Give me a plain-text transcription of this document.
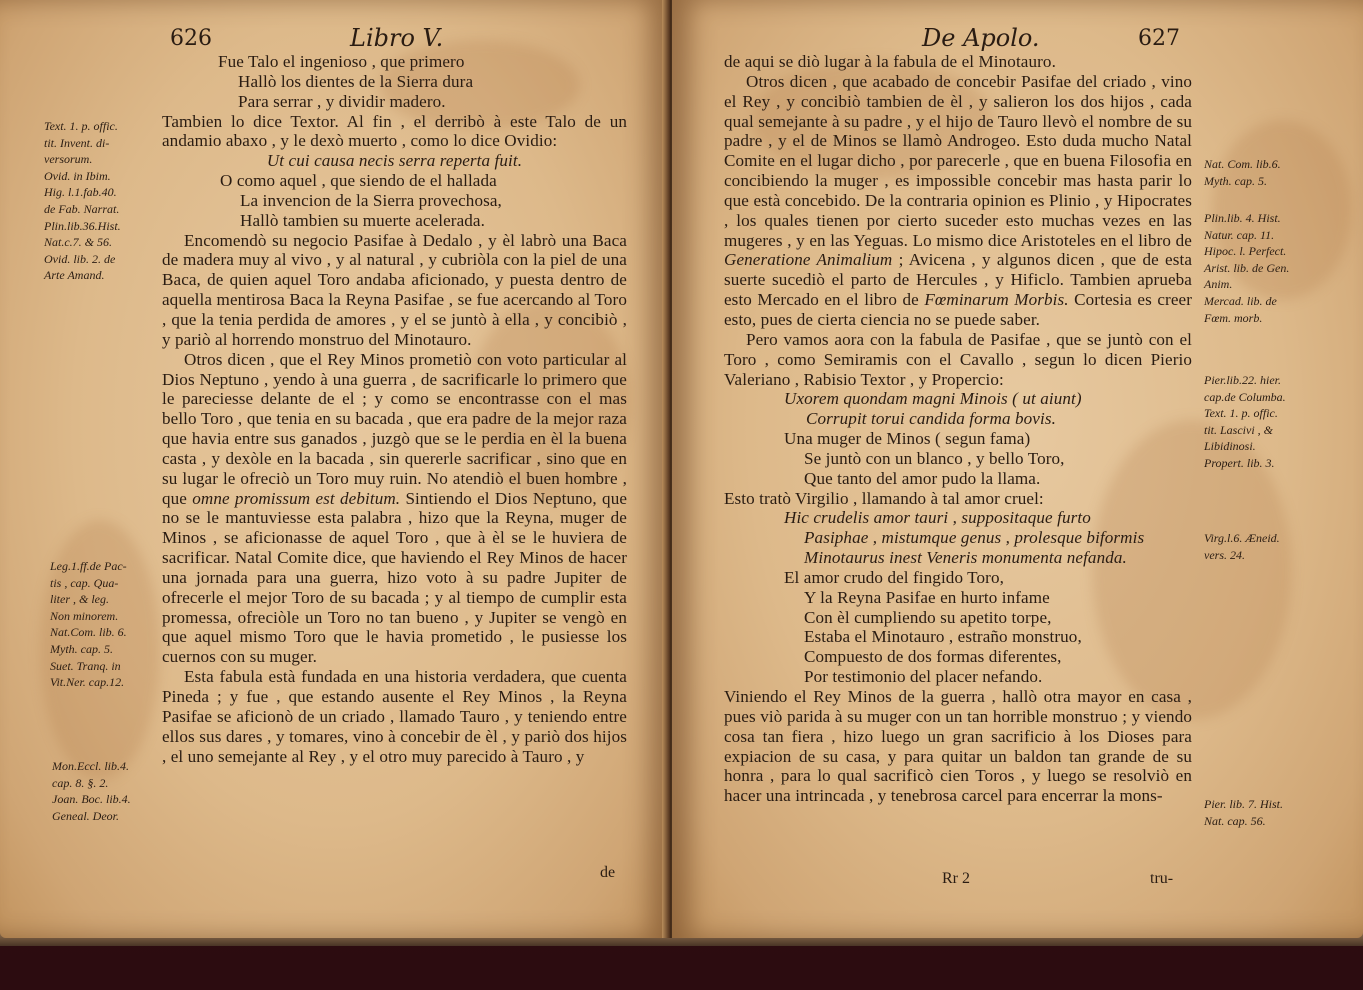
626	Libro V.
Text. 1. p. offic.
tit. Invent. di-
versorum.
Ovid. in Ibim.
Hig. l.1.fab.40.
de Fab. Narrat.
Plin.lib.36.Hist.
Nat.c.7. & 56.
Ovid. lib. 2. de
Arte Amand.
Leg.1.ff.de Pac-
tis , cap. Qua-
liter , & leg.
Non minorem.
Nat.Com. lib. 6.
Myth. cap. 5.
Suet. Tranq. in
Vit.Ner. cap.12.
Mon.Eccl. lib.4.
cap. 8. §. 2.
Joan. Boc. lib.4.
Geneal. Deor.
Fue Talo el ingenioso , que primero
Hallò los dientes de la Sierra dura
Para serrar , y dividir madero.

Tambien lo dice Textor. Al fin , el derribò à este Talo de un andamio abaxo , y le dexò muerto , como lo dice Ovidio:

Ut cui causa necis serra reperta fuit.
O como aquel , que siendo de el hallada
La invencion de la Sierra provechosa,
Hallò tambien su muerte acelerada.

Encomendò su negocio Pasifae à Dedalo , y èl labrò una Baca de madera muy al vivo , y al natural , y cubriòla con la piel de una Baca, de quien aquel Toro andaba aficionado, y puesta dentro de aquella mentirosa Baca la Reyna Pasifae , se fue acercando al Toro , que la tenia perdida de amores , y el se juntò à ella , y concibiò , y pariò al horrendo monstruo del Minotauro.

Otros dicen , que el Rey Minos prometiò con voto particular al Dios Neptuno , yendo à una guerra , de sacrificarle lo primero que le pareciesse delante de el ; y como se encontrasse con el mas bello Toro , que tenia en su bacada , que era padre de la mejor raza que havia entre sus ganados , juzgò que se le perdia en èl la buena casta , y dexòle en la bacada , sin quererle sacrificar , sino que en su lugar le ofreciò un Toro muy ruin. No atendiò el buen hombre , que omne promissum est debitum. Sintiendo el Dios Neptuno, que no se le mantuviesse esta palabra , hizo que la Reyna, muger de Minos , se aficionasse de aquel Toro , que à èl se le huviera de sacrificar. Natal Comite dice, que haviendo el Rey Minos de hacer una jornada para una guerra, hizo voto à su padre Jupiter de ofrecerle el mejor Toro de su bacada ; y al tiempo de cumplir esta promessa, ofreciòle un Toro no tan bueno , y Jupiter se vengò en que aquel mismo Toro que le havia prometido , le pusiesse los cuernos con su muger.

Esta fabula està fundada en una historia verdadera, que cuenta Pineda ; y fue , que estando ausente el Rey Minos , la Reyna Pasifae se aficionò de un criado , llamado Tauro , y teniendo entre ellos sus dares , y tomares, vino à concebir de èl , y pariò dos hijos , el uno semejante al Rey , y el otro muy parecido à Tauro , y

de
De Apolo.	627
Nat. Com. lib.6.
Myth. cap. 5.
Plin.lib. 4. Hist.
Natur. cap. 11.
Hipoc. l. Perfect.
Arist. lib. de Gen.
Anim.
Mercad. lib. de
Fœm. morb.
Pier.lib.22. hier.
cap.de Columba.
Text. 1. p. offic.
tit. Lascivi , &
Libidinosi.
Propert. lib. 3.
Virg.l.6. Æneid.
vers. 24.
Pier. lib. 7. Hist.
Nat. cap. 56.

de aqui se diò lugar à la fabula de el Minotauro.

Otros dicen , que acabado de concebir Pasifae del criado , vino el Rey , y concibiò tambien de èl , y salieron los dos hijos , cada qual semejante à su padre , y el hijo de Tauro llevò el nombre de su padre , y el de Minos se llamò Androgeo. Esto duda mucho Natal Comite en el lugar dicho , por parecerle , que en buena Filosofia en concibiendo la muger , es impossible concebir mas hasta parir lo que està concebido. De la contraria opinion es Plinio , y Hipocrates , los quales tienen por cierto suceder esto muchas vezes en las mugeres , y en las Yeguas. Lo mismo dice Aristoteles en el libro de Generatione Animalium ; Avicena , y algunos dicen , que de esta suerte sucediò el parto de Hercules , y Hificlo. Tambien aprueba esto Mercado en el libro de Fœminarum Morbis. Cortesia es creer esto, pues de cierta ciencia no se puede saber.

Pero vamos aora con la fabula de Pasifae , que se juntò con el Toro , como Semiramis con el Cavallo , segun lo dicen Pierio Valeriano , Rabisio Textor , y Propercio:

Uxorem quondam magni Minois ( ut aiunt)
Corrupit torui candida forma bovis.
Una muger de Minos ( segun fama)
Se juntò con un blanco , y bello Toro,
Que tanto del amor pudo la llama.

Esto tratò Virgilio , llamando à tal amor cruel:

Hic crudelis amor tauri , suppositaque furto
Pasiphae , mistumque genus , prolesque biformis
Minotaurus inest Veneris monumenta nefanda.
El amor crudo del fingido Toro,
Y la Reyna Pasifae en hurto infame
Con èl cumpliendo su apetito torpe,
Estaba el Minotauro , estraño monstruo,
Compuesto de dos formas diferentes,
Por testimonio del placer nefando.

Viniendo el Rey Minos de la guerra , hallò otra mayor en casa , pues viò parida à su muger con un tan horrible monstruo ; y viendo cosa tan fiera , hizo luego un gran sacrificio à los Dioses para expiacion de su casa, y para quitar un baldon tan grande de su honra , para lo qual sacrificò cien Toros , y luego se resolviò en hacer una intrincada , y tenebrosa carcel para encerrar la mons-

Rr 2	tru-
